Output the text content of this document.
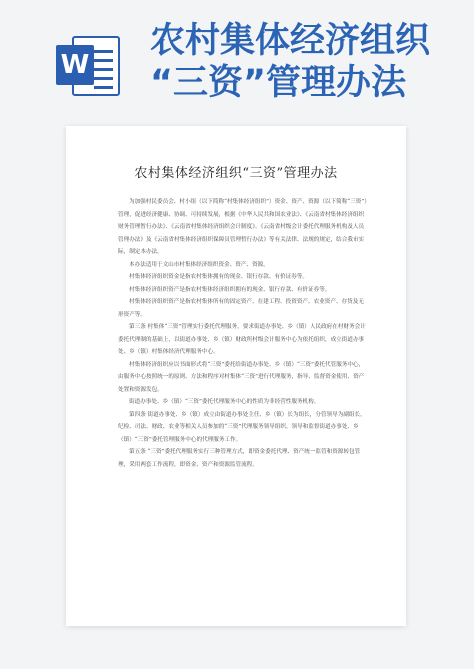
W
农村集体经济组织
“三资”管理办法
农村集体经济组织“三资”管理办法

为加强村民委员会、村小组（以下简称“村集体经济组织”）资金、资产、资源（以下简称“三资”）管理，促进经济健康、协调、可持续发展，根据《中华人民共和国农业法》、《云南省村集体经济组织财务管理暂行办法》、《云南省村集体经济组织会计制度》、《云南省村级会计委托代理服务机构及人员管理办法》及《云南省村集体经济组织保障员管理暂行办法》等有关法律、法规的规定，结合我市实际，制定本办法。

本办法适用于文山市村集体经济组织资金、资产、资源。

村集体经济组织资金是指农村集体拥有的现金、银行存款、有价证券等。

村集体经济组织资产是指农村集体经济组织拥有的现金、银行存款、有价证券等。

村集体经济组织资产是指农村集体所有的固定资产、在建工程、投资资产、农业资产、存货及无形资产等。

第三条 村集体“三资”管理实行委托代理服务，要求街道办事处、乡（镇）人民政府在村财务会计委托代理制的基础上，以街道办事处、乡（镇）财政所村级会计服务中心为依托组织，成立街道办事处、乡（镇）村集体经济代理服务中心。

村集体经济组织应以书面形式将“三资”委托给街道办事处、乡（镇）“三资”委托代管服务中心，由服务中心按照统一的原则、方法和程序对村集体“三资”进行代理服务，指导、监督资金使用、资产处置和资源发包。

街道办事处、乡（镇）“三资”委托代理服务中心的性质为非经营性服务机构。

第四条 街道办事处、乡（镇）成立由街道办事处主任、乡（镇）长为组长，分管领导为副组长，纪检、司法、财政、农业等相关人员参加的“三资”代理服务领导组织，领导和监督街道办事处、乡（镇）“三资”委托管理服务中心的代理服务工作。

第五条 “三资”委托代理服务实行三种管理方式，即资金委托代理、资产统一监管和资源转包管理，采用两套工作流程，即资金、资产和资源监管流程。
